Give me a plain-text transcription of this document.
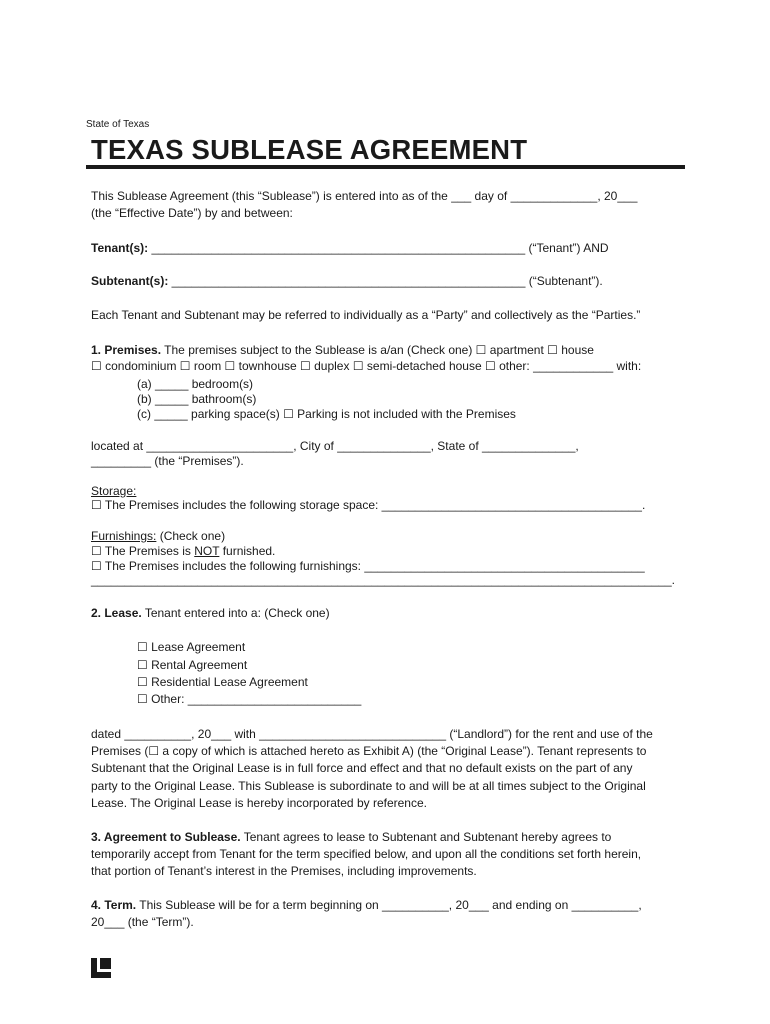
State of Texas
TEXAS SUBLEASE AGREEMENT

This Sublease Agreement (this “Sublease”) is entered into as of the ___ day of _____________, 20___

(the “Effective Date”) by and between:

Tenant(s): ________________________________________________________ (“Tenant”) AND

Subtenant(s): _____________________________________________________ (“Subtenant”).

Each Tenant and Subtenant may be referred to individually as a “Party” and collectively as the “Parties.”

1. Premises. The premises subject to the Sublease is a/an (Check one) ☐ apartment ☐ house

☐ condominium ☐ room ☐ townhouse ☐ duplex ☐ semi-detached house ☐ other: ____________ with:

(a) _____ bedroom(s)

(b) _____ bathroom(s)

(c) _____ parking space(s) ☐ Parking is not included with the Premises

located at ______________________, City of ______________, State of ______________,

_________ (the “Premises”).

Storage:

☐ The Premises includes the following storage space: _______________________________________.

Furnishings: (Check one)

☐ The Premises is NOT furnished.

☐ The Premises includes the following furnishings: __________________________________________

_______________________________________________________________________________________.

2. Lease. Tenant entered into a: (Check one)

☐ Lease Agreement

☐ Rental Agreement

☐ Residential Lease Agreement

☐ Other: __________________________

dated __________, 20___ with ____________________________ (“Landlord”) for the rent and use of the

Premises (☐ a copy of which is attached hereto as Exhibit A) (the “Original Lease”). Tenant represents to

Subtenant that the Original Lease is in full force and effect and that no default exists on the part of any

party to the Original Lease. This Sublease is subordinate to and will be at all times subject to the Original

Lease. The Original Lease is hereby incorporated by reference.

3. Agreement to Sublease. Tenant agrees to lease to Subtenant and Subtenant hereby agrees to

temporarily accept from Tenant for the term specified below, and upon all the conditions set forth herein,

that portion of Tenant’s interest in the Premises, including improvements.

4. Term. This Sublease will be for a term beginning on __________, 20___ and ending on __________,

20___ (the “Term”).
